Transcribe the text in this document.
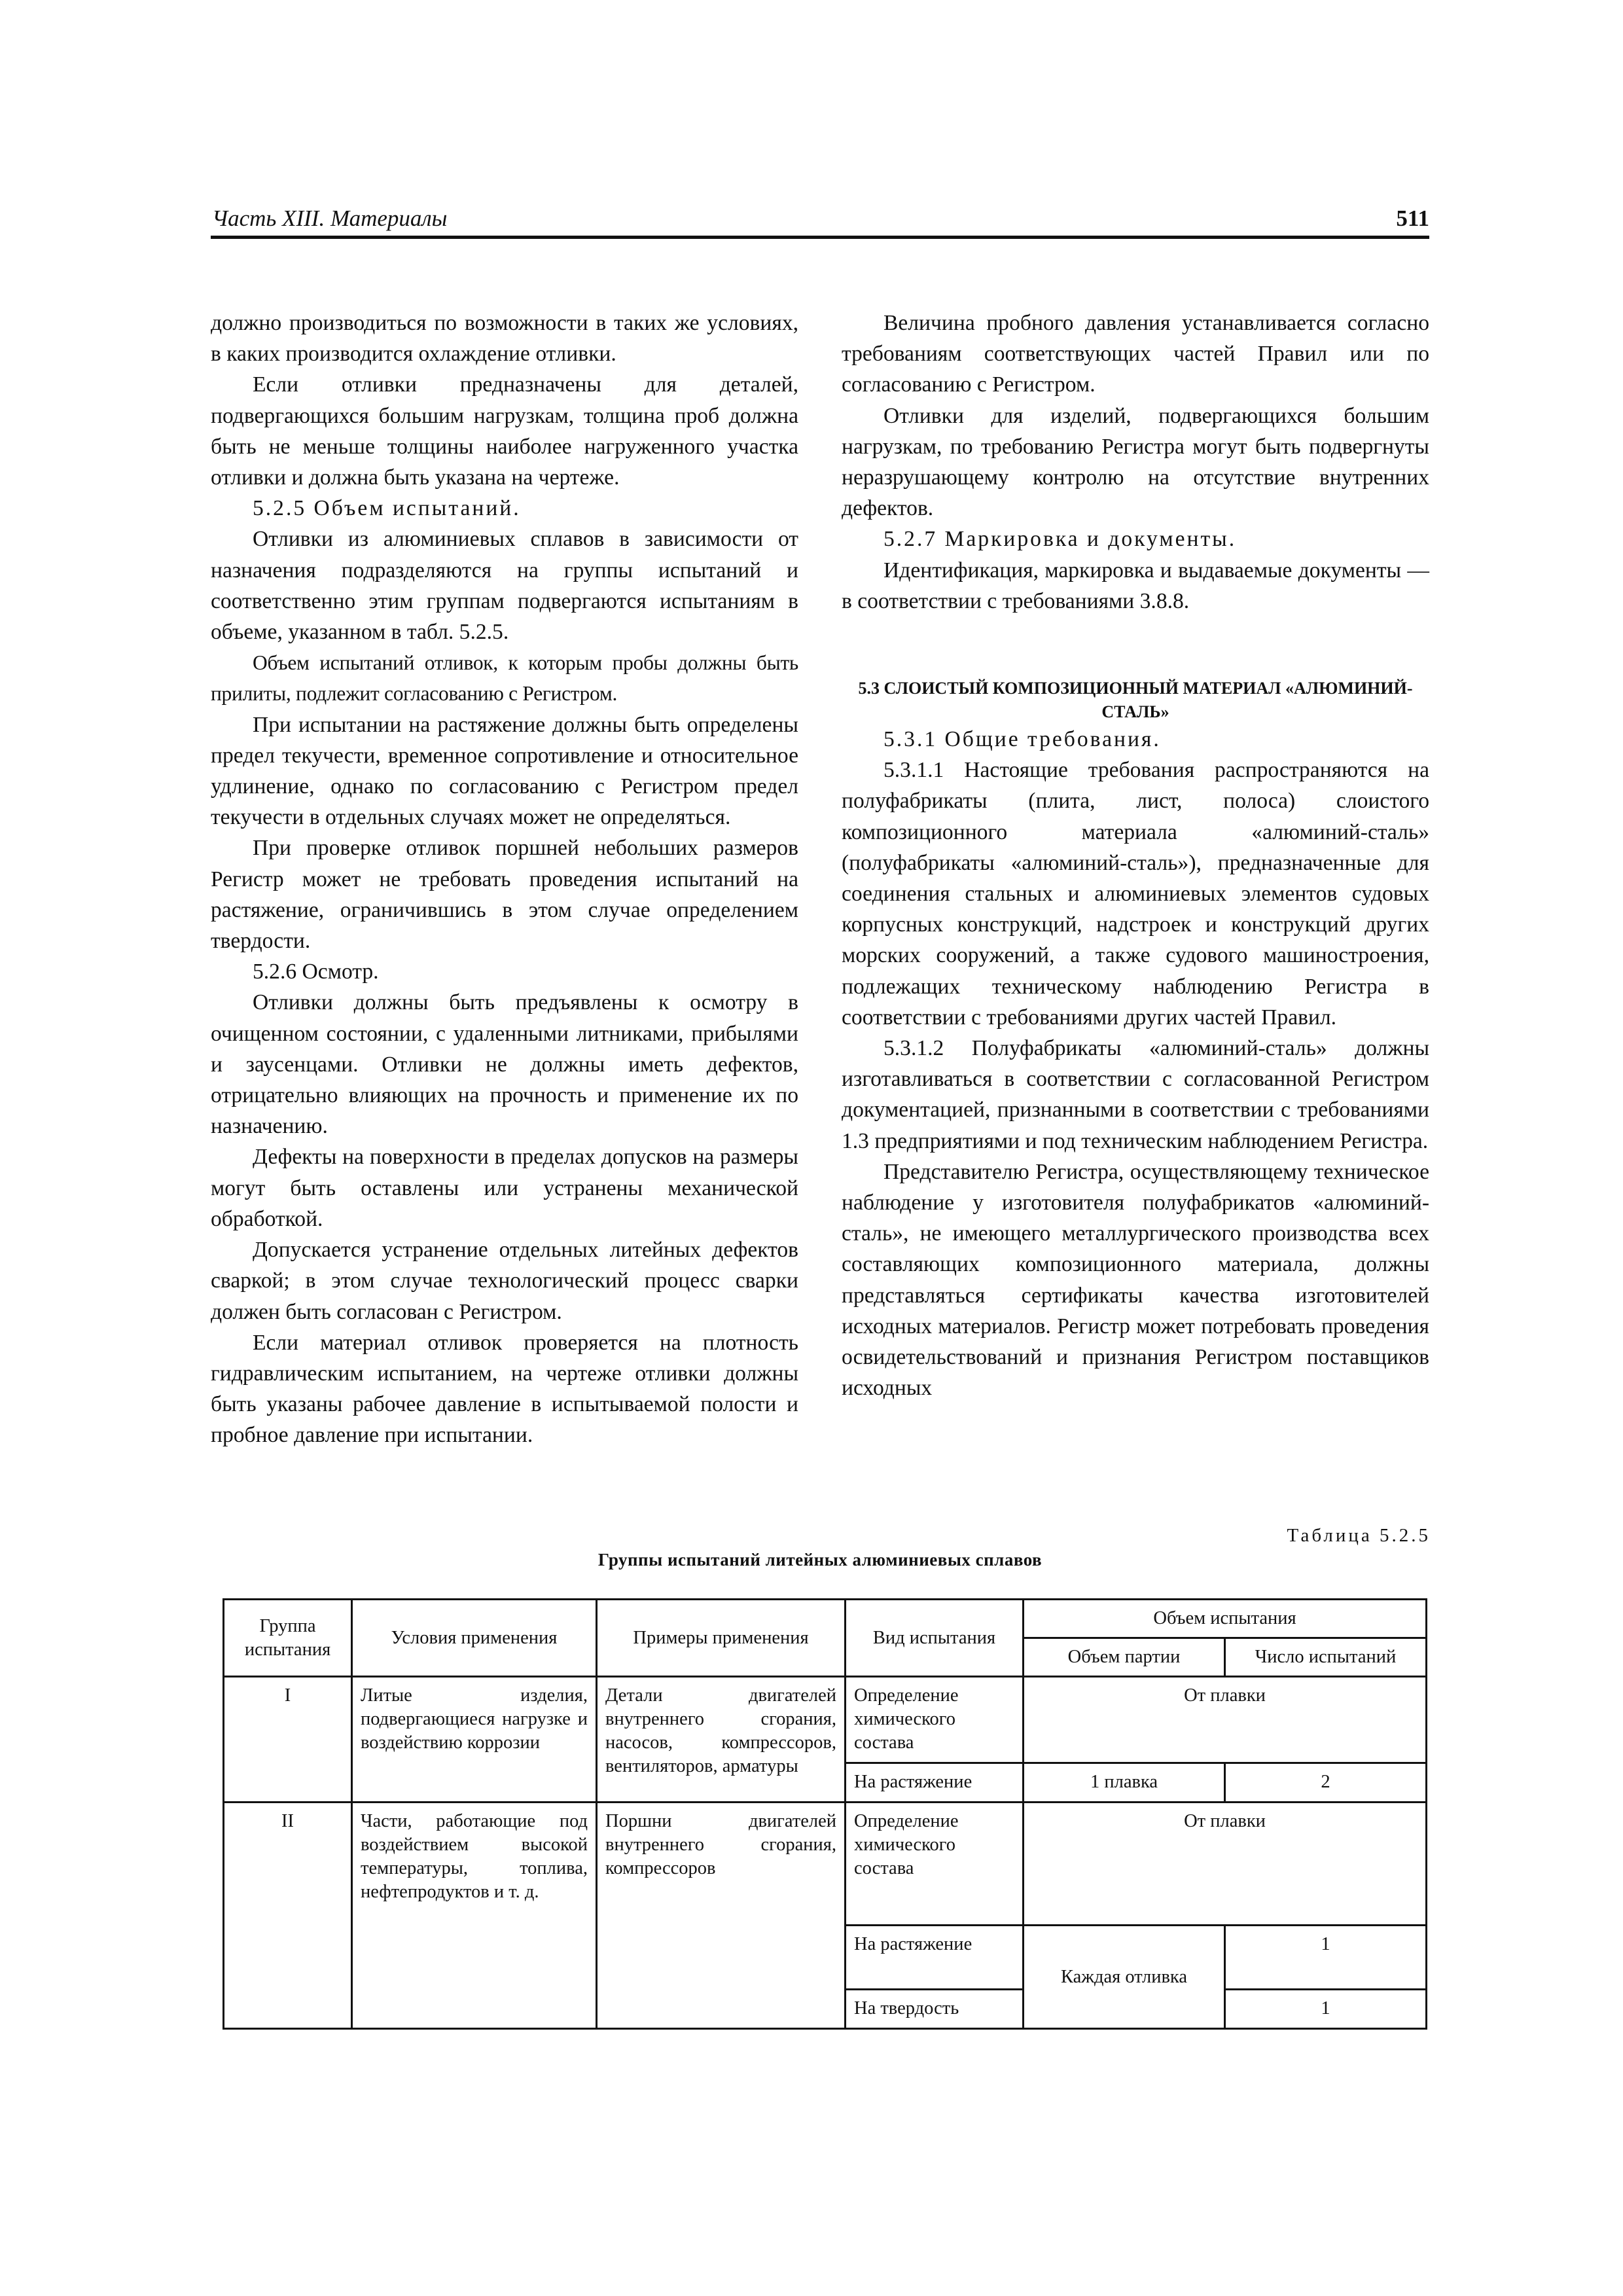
Часть XIII. Материалы	511

должно производиться по возможности в таких же условиях, в каких производится охлаждение отливки.

Если отливки предназначены для деталей, подвергающихся большим нагрузкам, толщина проб должна быть не меньше толщины наиболее нагруженного участка отливки и должна быть указана на чертеже.

5.2.5 Объем испытаний.

Отливки из алюминиевых сплавов в зависимости от назначения подразделяются на группы испытаний и соответственно этим группам подвергаются испытаниям в объеме, указанном в табл. 5.2.5.

Объем испытаний отливок, к которым пробы должны быть прилиты, подлежит согласованию с Регистром.

При испытании на растяжение должны быть определены предел текучести, временное сопротивление и относительное удлинение, однако по согласованию с Регистром предел текучести в отдельных случаях может не определяться.

При проверке отливок поршней небольших размеров Регистр может не требовать проведения испытаний на растяжение, ограничившись в этом случае определением твердости.

5.2.6 Осмотр.

Отливки должны быть предъявлены к осмотру в очищенном состоянии, с удаленными литниками, прибылями и заусенцами. Отливки не должны иметь дефектов, отрицательно влияющих на прочность и применение их по назначению.

Дефекты на поверхности в пределах допусков на размеры могут быть оставлены или устранены механической обработкой.

Допускается устранение отдельных литейных дефектов сваркой; в этом случае технологический процесс сварки должен быть согласован с Регистром.

Если материал отливок проверяется на плотность гидравлическим испытанием, на чертеже отливки должны быть указаны рабочее давление в испытываемой полости и пробное давление при испытании.

Величина пробного давления устанавливается согласно требованиям соответствующих частей Правил или по согласованию с Регистром.

Отливки для изделий, подвергающихся большим нагрузкам, по требованию Регистра могут быть подвергнуты неразрушающему контролю на отсутствие внутренних дефектов.

5.2.7 Маркировка и документы.

Идентификация, маркировка и выдаваемые документы — в соответствии с требованиями 3.8.8.

5.3 СЛОИСТЫЙ КОМПОЗИЦИОННЫЙ МАТЕРИАЛ «АЛЮМИНИЙ-СТАЛЬ»

5.3.1 Общие требования.

5.3.1.1 Настоящие требования распространяются на полуфабрикаты (плита, лист, полоса) слоистого композиционного материала «алюминий-сталь» (полуфабрикаты «алюминий-сталь»), предназначенные для соединения стальных и алюминиевых элементов судовых корпусных конструкций, надстроек и конструкций других морских сооружений, а также судового машиностроения, подлежащих техническому наблюдению Регистра в соответствии с требованиями других частей Правил.

5.3.1.2 Полуфабрикаты «алюминий-сталь» должны изготавливаться в соответствии с согласованной Регистром документацией, признанными в соответствии с требованиями 1.3 предприятиями и под техническим наблюдением Регистра.

Представителю Регистра, осуществляющему техническое наблюдение у изготовителя полуфабрикатов «алюминий-сталь», не имеющего металлургического производства всех составляющих композиционного материала, должны представляться сертификаты качества изготовителей исходных материалов. Регистр может потребовать проведения освидетельствований и признания Регистром поставщиков исходных

Таблица 5.2.5
Группы испытаний литейных алюминиевых сплавов
Группа испытания	Условия применения	Примеры применения	Вид испытания	Объем испытания	
				Объем партии	Число испытаний
I	Литые изделия, подвергающиеся нагрузке и воздействию коррозии	Детали двигателей внутреннего сгорания, насосов, компрессоров, вентиляторов, арматуры	Определение химического состава	От плавки	
			На растяжение	1 плавка	2
II	Части, работающие под воздействием высокой температуры, топлива, нефтепродуктов и т. д.	Поршни двигателей внутреннего сгорания, компрессоров	Определение химического состава	От плавки	
			На растяжение	Каждая отливка	1
			На твердость		1
